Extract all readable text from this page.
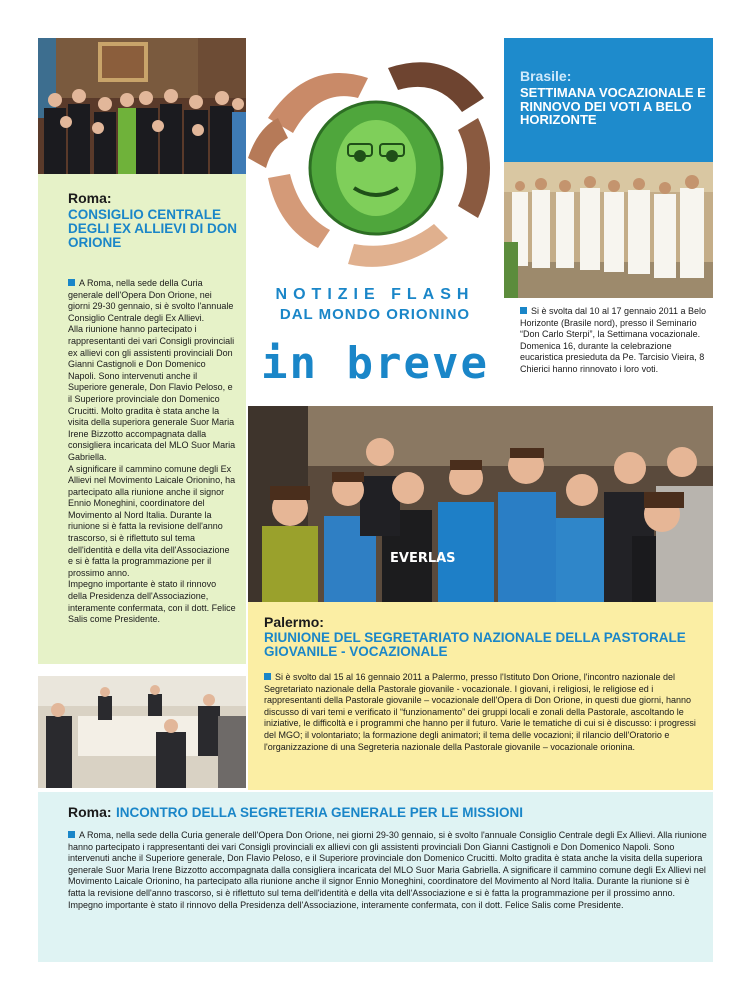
Roma:
CONSIGLIO CENTRALE DEGLI EX ALLIEVI DI DON ORIONE

A Roma, nella sede della Curia generale dell'Opera Don Orione, nei giorni 29-30 gennaio, si è svolto l'annuale Consiglio Centrale degli Ex Allievi.

Alla riunione hanno partecipato i rappresentanti dei vari Consigli provinciali ex allievi con gli assistenti provinciali Don Gianni Castignoli e Don Domenico Napoli. Sono intervenuti anche il Superiore generale, Don Flavio Peloso, e il Superiore provinciale don Domenico Crucitti. Molto gradita è stata anche la visita della superiora generale Suor Maria Irene Bizzotto accompagnata dalla consigliera incaricata del MLO Suor Maria Gabriella.

A significare il cammino comune degli Ex Allievi nel Movimento Laicale Orionino, ha partecipato alla riunione anche il signor Ennio Moneghini, coordinatore del Movimento al Nord Italia. Durante la riunione si è fatta la revisione dell'anno trascorso, si è riflettuto sul tema dell'identità e della vita dell'Associazione e si è fatta la programmazione per il prossimo anno.

Impegno importante è stato il rinnovo della Presidenza dell'Associazione, interamente confermata, con il dott. Felice Salis come Presidente.

NOTIZIE FLASH
DAL MONDO ORIONINO
in breve
Brasile:
SETTIMANA VOCAZIONALE E RINNOVO DEI VOTI A BELO HORIZONTE

Si è svolta dal 10 al 17 gennaio 2011 a Belo Horizonte (Brasile nord), presso il Seminario “Don Carlo Sterpi”, la Settimana vocazionale. Domenica 16, durante la celebrazione eucaristica presieduta da Pe. Tarcisio Vieira, 8 Chierici hanno rinnovato i loro voti.

EVERLAS
Palermo:
RIUNIONE DEL SEGRETARIATO NAZIONALE DELLA PASTORALE GIOVANILE - VOCAZIONALE

Si è svolto dal 15 al 16 gennaio 2011 a Palermo, presso l'Istituto Don Orione, l'incontro nazionale del Segretariato nazionale della Pastorale giovanile - vocazionale. I giovani, i religiosi, le religiose ed i rappresentanti della Pastorale giovanile – vocazionale dell'Opera di Don Orione, in questi due giorni, hanno discusso di vari temi e verificato il “funzionamento” dei gruppi locali e zonali della Pastorale, ascoltando le iniziative, le difficoltà e i programmi che hanno per il futuro. Varie le tematiche di cui si è discusso: i progressi del MGO; il volontariato; la formazione degli animatori; il tema delle vocazioni; il rilancio dell'Oratorio e l'organizzazione di una Segreteria nazionale della Pastorale giovanile – vocazionale orionina.

Roma: INCONTRO DELLA SEGRETERIA GENERALE PER LE MISSIONI

A Roma, nella sede della Curia generale dell'Opera Don Orione, nei giorni 29-30 gennaio, si è svolto l'annuale Consiglio Centrale degli Ex Allievi. Alla riunione hanno partecipato i rappresentanti dei vari Consigli provinciali ex allievi con gli assistenti provinciali Don Gianni Castignoli e Don Domenico Napoli. Sono intervenuti anche il Superiore generale, Don Flavio Peloso, e il Superiore provinciale don Domenico Crucitti. Molto gradita è stata anche la visita della superiora generale Suor Maria Irene Bizzotto accompagnata dalla consigliera incaricata del MLO Suor Maria Gabriella. A significare il cammino comune degli Ex Allievi nel Movimento Laicale Orionino, ha partecipato alla riunione anche il signor Ennio Moneghini, coordinatore del Movimento al Nord Italia. Durante la riunione si è fatta la revisione dell'anno trascorso, si è riflettuto sul tema dell'identità e della vita dell'Associazione e si è fatta la programmazione per il prossimo anno. Impegno importante è stato il rinnovo della Presidenza dell'Associazione, interamente confermata, con il dott. Felice Salis come Presidente.
